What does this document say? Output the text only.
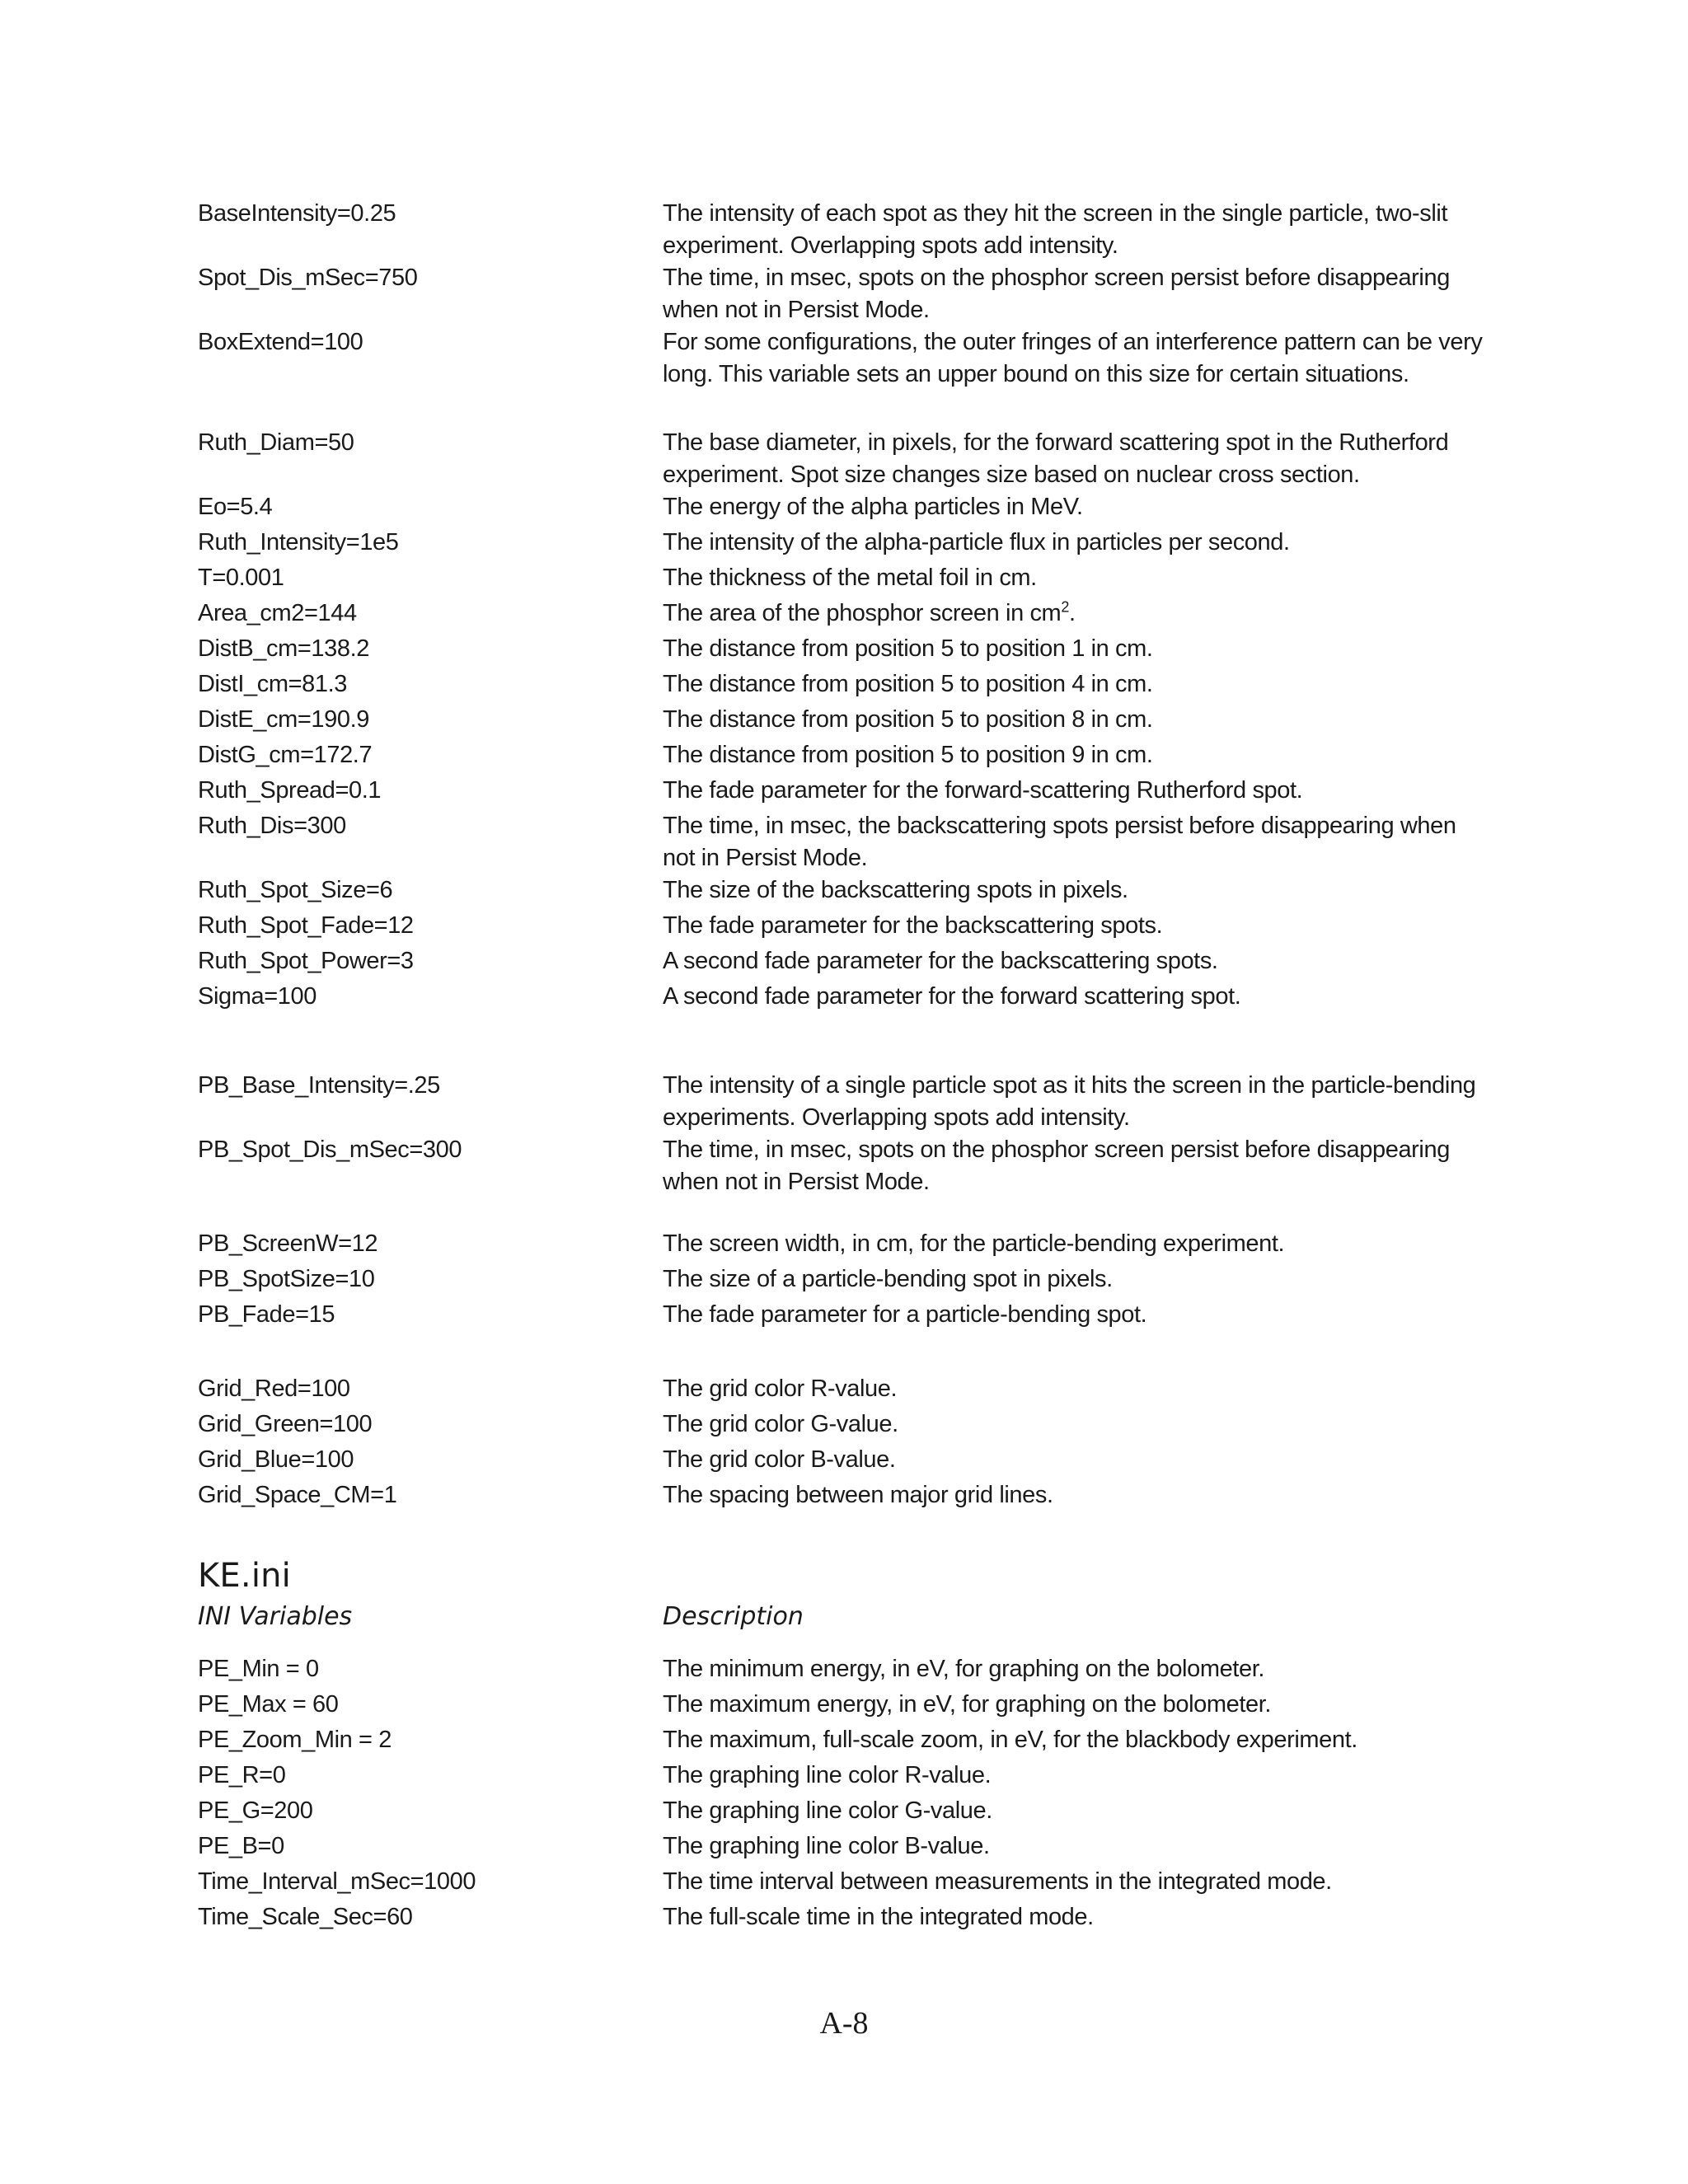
BaseIntensity=0.25	The intensity of each spot as they hit the screen in the single particle, two-slit experiment. Overlapping spots add intensity.
Spot_Dis_mSec=750	The time, in msec, spots on the phosphor screen persist before disappearing when not in Persist Mode.
BoxExtend=100	For some configurations, the outer fringes of an interference pattern can be very long. This variable sets an upper bound on this size for certain situations.
Ruth_Diam=50	The base diameter, in pixels, for the forward scattering spot in the Rutherford experiment. Spot size changes size based on nuclear cross section.
Eo=5.4	The energy of the alpha particles in MeV.
Ruth_Intensity=1e5	The intensity of the alpha-particle flux in particles per second.
T=0.001	The thickness of the metal foil in cm.
Area_cm2=144	The area of the phosphor screen in $cm^2$.
DistB_cm=138.2	The distance from position 5 to position 1 in cm.
DistI_cm=81.3	The distance from position 5 to position 4 in cm.
DistE_cm=190.9	The distance from position 5 to position 8 in cm.
DistG_cm=172.7	The distance from position 5 to position 9 in cm.
Ruth_Spread=0.1	The fade parameter for the forward-scattering Rutherford spot.
Ruth_Dis=300	The time, in msec, the backscattering spots persist before disappearing when not in Persist Mode.
Ruth_Spot_Size=6	The size of the backscattering spots in pixels.
Ruth_Spot_Fade=12	The fade parameter for the backscattering spots.
Ruth_Spot_Power=3	A second fade parameter for the backscattering spots.
Sigma=100	A second fade parameter for the forward scattering spot.
PB_Base_Intensity=.25	The intensity of a single particle spot as it hits the screen in the particle-bending experiments. Overlapping spots add intensity.
PB_Spot_Dis_mSec=300	The time, in msec, spots on the phosphor screen persist before disappearing when not in Persist Mode.
PB_ScreenW=12	The screen width, in cm, for the particle-bending experiment.
PB_SpotSize=10	The size of a particle-bending spot in pixels.
PB_Fade=15	The fade parameter for a particle-bending spot.
Grid_Red=100	The grid color R-value.
Grid_Green=100	The grid color G-value.
Grid_Blue=100	The grid color B-value.
Grid_Space_CM=1	The spacing between major grid lines.
KE.ini
INI Variables	Description
PE_Min = 0	The minimum energy, in eV, for graphing on the bolometer.
PE_Max = 60	The maximum energy, in eV, for graphing on the bolometer.
PE_Zoom_Min = 2	The maximum, full-scale zoom, in eV, for the blackbody experiment.
PE_R=0	The graphing line color R-value.
PE_G=200	The graphing line color G-value.
PE_B=0	The graphing line color B-value.
Time_Interval_mSec=1000	The time interval between measurements in the integrated mode.
Time_Scale_Sec=60	The full-scale time in the integrated mode.
A-8
